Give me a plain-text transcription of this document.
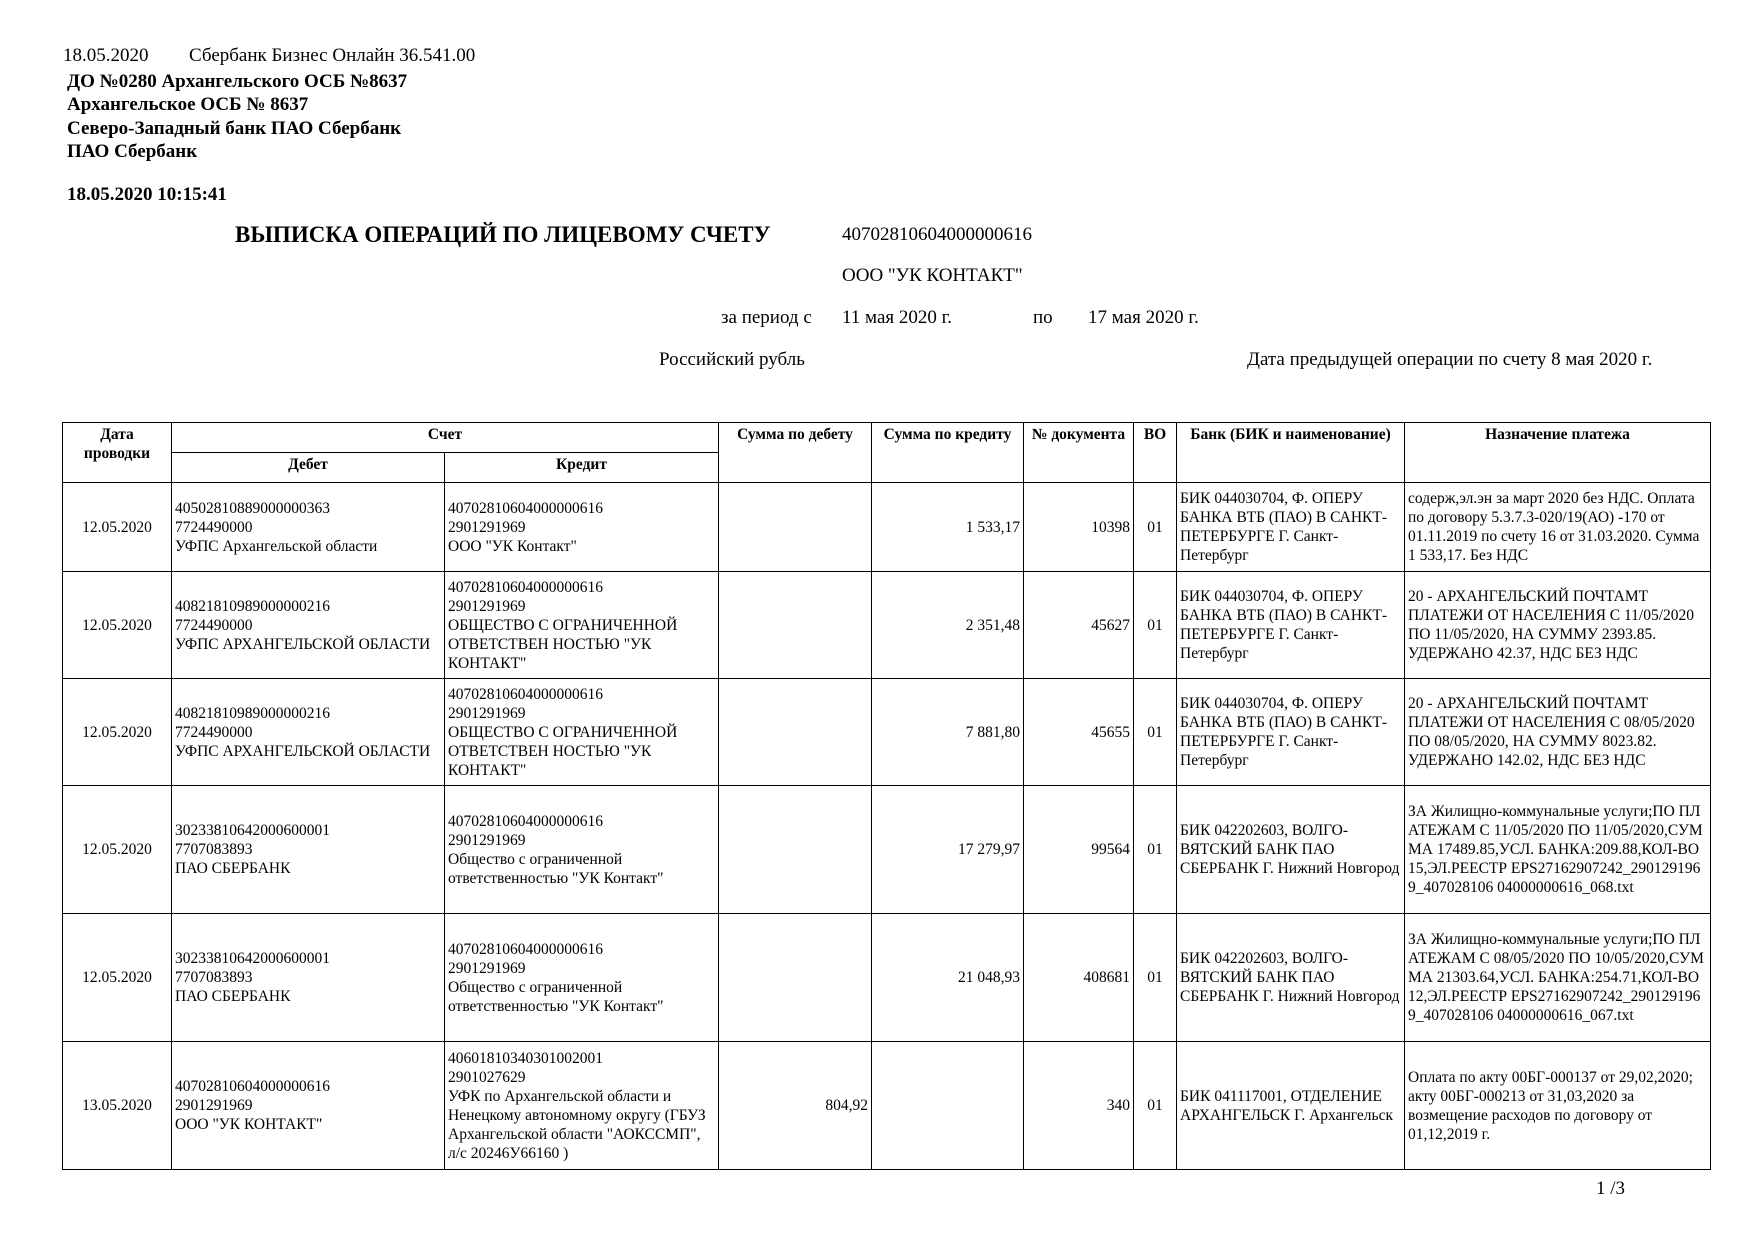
18.05.2020 Сбербанк Бизнес Онлайн 36.541.00
ДО №0280 Архангельского ОСБ №8637
Архангельское ОСБ № 8637
Северо-Западный банк ПАО Сбербанк
ПАО Сбербанк
18.05.2020 10:15:41
ВЫПИСКА ОПЕРАЦИЙ ПО ЛИЦЕВОМУ СЧЕТУ	40702810604000000616
ООО "УК КОНТАКТ"
за период с 11 мая 2020 г.	по 17 мая 2020 г.
Российский рубль	Дата предыдущей операции по счету 8 мая 2020 г.
Дата проводки	Счет		Сумма по дебету	Сумма по кредиту	№ документа	ВО	Банк (БИК и наименование)	Назначение платежа
	Дебет	Кредит						
12.05.2020	40502810889000000363
7724490000
УФПС Архангельской области	40702810604000000616
2901291969
ООО "УК Контакт"		1 533,17	10398	01	БИК 044030704, Ф. ОПЕРУ БАНКА ВТБ (ПАО) В САНКТ-ПЕТЕРБУРГЕ Г. Санкт-Петербург	содерж,эл.эн за март 2020 без НДС. Оплата по договору 5.3.7.3-020/19(АО) -170 от 01.11.2019 по счету 16 от 31.03.2020. Сумма 1 533,17. Без НДС
12.05.2020	40821810989000000216
7724490000
УФПС АРХАНГЕЛЬСКОЙ ОБЛАСТИ	40702810604000000616
2901291969
ОБЩЕСТВО С ОГРАНИЧЕННОЙ ОТВЕТСТВЕН НОСТЬЮ "УК КОНТАКТ"		2 351,48	45627	01	БИК 044030704, Ф. ОПЕРУ БАНКА ВТБ (ПАО) В САНКТ-ПЕТЕРБУРГЕ Г. Санкт-Петербург	20 - АРХАНГЕЛЬСКИЙ ПОЧТАМТ ПЛАТЕЖИ ОТ НАСЕЛЕНИЯ С 11/05/2020 ПО 11/05/2020, НА СУММУ 2393.85. УДЕРЖАНО 42.37, НДС БЕЗ НДС
12.05.2020	40821810989000000216
7724490000
УФПС АРХАНГЕЛЬСКОЙ ОБЛАСТИ	40702810604000000616
2901291969
ОБЩЕСТВО С ОГРАНИЧЕННОЙ ОТВЕТСТВЕН НОСТЬЮ "УК КОНТАКТ"		7 881,80	45655	01	БИК 044030704, Ф. ОПЕРУ БАНКА ВТБ (ПАО) В САНКТ-ПЕТЕРБУРГЕ Г. Санкт-Петербург	20 - АРХАНГЕЛЬСКИЙ ПОЧТАМТ ПЛАТЕЖИ ОТ НАСЕЛЕНИЯ С 08/05/2020 ПО 08/05/2020, НА СУММУ 8023.82. УДЕРЖАНО 142.02, НДС БЕЗ НДС
12.05.2020	30233810642000600001
7707083893
ПАО СБЕРБАНК	40702810604000000616
2901291969
Общество с ограниченной ответственностью "УК Контакт"		17 279,97	99564	01	БИК 042202603, ВОЛГО-ВЯТСКИЙ БАНК ПАО СБЕРБАНК Г. Нижний Новгород	ЗА Жилищно-коммунальные услуги;ПО ПЛАТЕЖАМ С 11/05/2020 ПО 11/05/2020,СУММА 17489.85,УСЛ. БАНКА:209.88,КОЛ-ВО 15,ЭЛ.РЕЕСТР EPS27162907242_2901291969_407028106 04000000616_068.txt
12.05.2020	30233810642000600001
7707083893
ПАО СБЕРБАНК	40702810604000000616
2901291969
Общество с ограниченной ответственностью "УК Контакт"		21 048,93	408681	01	БИК 042202603, ВОЛГО-ВЯТСКИЙ БАНК ПАО СБЕРБАНК Г. Нижний Новгород	ЗА Жилищно-коммунальные услуги;ПО ПЛАТЕЖАМ С 08/05/2020 ПО 10/05/2020,СУММА 21303.64,УСЛ. БАНКА:254.71,КОЛ-ВО 12,ЭЛ.РЕЕСТР EPS27162907242_2901291969_407028106 04000000616_067.txt
13.05.2020	40702810604000000616
2901291969
ООО "УК КОНТАКТ"	40601810340301002001
2901027629
УФК по Архангельской области и Ненецкому автономному округу (ГБУЗ Архангельской области "АОКССМП", л/с 20246У66160 )	804,92		340	01	БИК 041117001, ОТДЕЛЕНИЕ АРХАНГЕЛЬСК Г. Архангельск	Оплата по акту 00БГ-000137 от 29,02,2020; акту 00БГ-000213 от 31,03,2020 за возмещение расходов по договору от 01,12,2019 г.
1 /3
